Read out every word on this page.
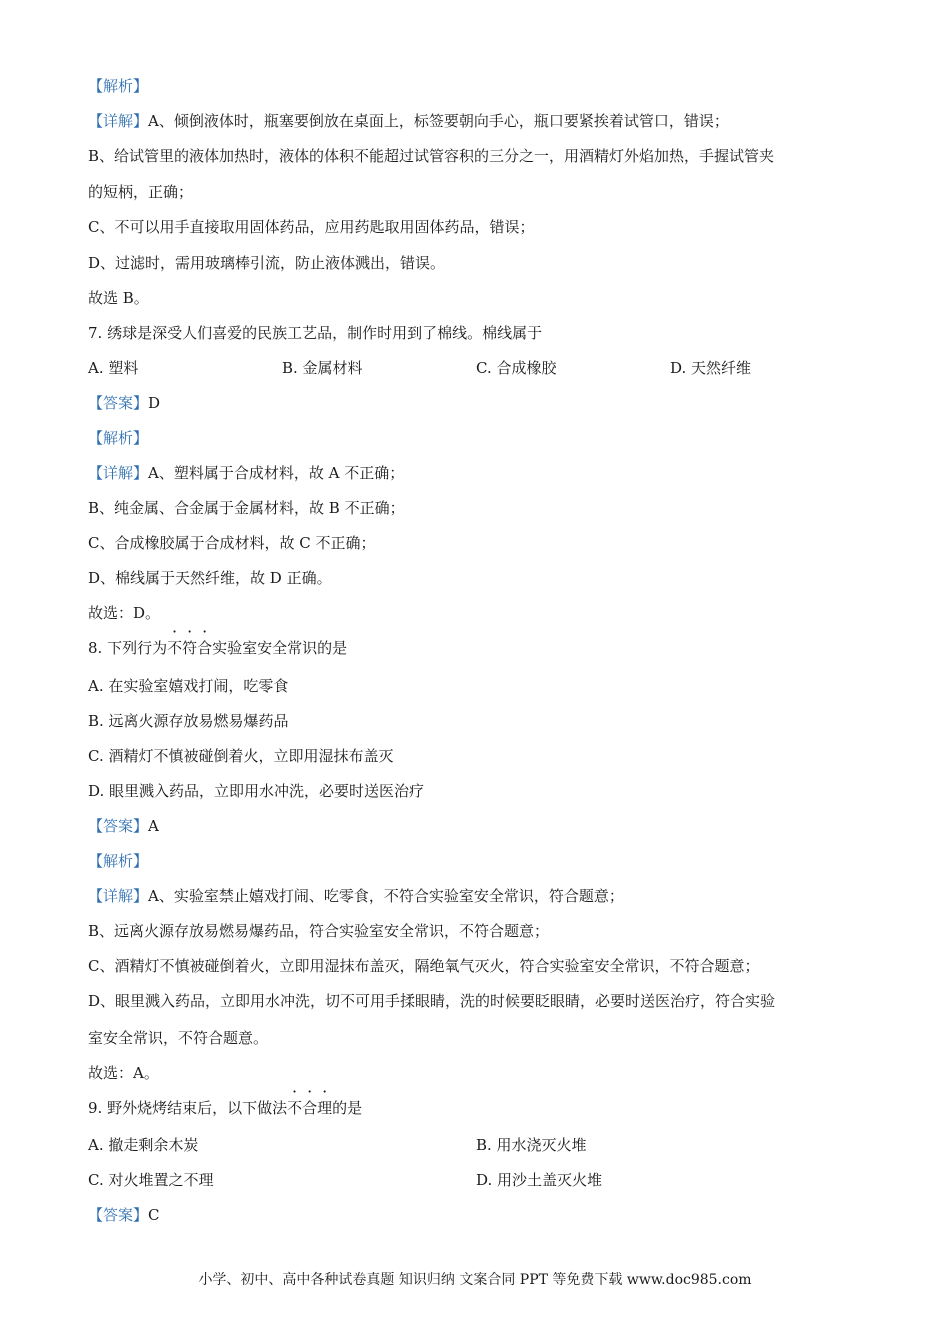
【解析】
【详解】A、倾倒液体时，瓶塞要倒放在桌面上，标签要朝向手心，瓶口要紧挨着试管口，错误；
B、给试管里的液体加热时，液体的体积不能超过试管容积的三分之一，用酒精灯外焰加热，手握试管夹
的短柄，正确；
C、不可以用手直接取用固体药品，应用药匙取用固体药品，错误；
D、过滤时，需用玻璃棒引流，防止液体溅出，错误。
故选 B。
7. 绣球是深受人们喜爱的民族工艺品，制作时用到了棉线。棉线属于
A. 塑料	B. 金属材料	C. 合成橡胶	D. 天然纤维
【答案】D
【解析】
【详解】A、塑料属于合成材料，故 A 不正确；
B、纯金属、合金属于金属材料，故 B 不正确；
C、合成橡胶属于合成材料，故 C 不正确；
D、棉线属于天然纤维，故 D 正确。
故选：D。
8. 下列行为不符合实验室安全常识的是
A. 在实验室嬉戏打闹，吃零食
B. 远离火源存放易燃易爆药品
C. 酒精灯不慎被碰倒着火，立即用湿抹布盖灭
D. 眼里溅入药品，立即用水冲洗，必要时送医治疗
【答案】A
【解析】
【详解】A、实验室禁止嬉戏打闹、吃零食，不符合实验室安全常识，符合题意；
B、远离火源存放易燃易爆药品，符合实验室安全常识，不符合题意；
C、酒精灯不慎被碰倒着火，立即用湿抹布盖灭，隔绝氧气灭火，符合实验室安全常识，不符合题意；
D、眼里溅入药品，立即用水冲洗，切不可用手揉眼睛，洗的时候要眨眼睛，必要时送医治疗，符合实验
室安全常识，不符合题意。
故选：A。
9. 野外烧烤结束后，以下做法不合理的是
A. 撤走剩余木炭	B. 用水浇灭火堆
C. 对火堆置之不理	D. 用沙土盖灭火堆
【答案】C
小学、初中、高中各种试卷真题 知识归纳 文案合同 PPT 等免费下载 www.doc985.com
